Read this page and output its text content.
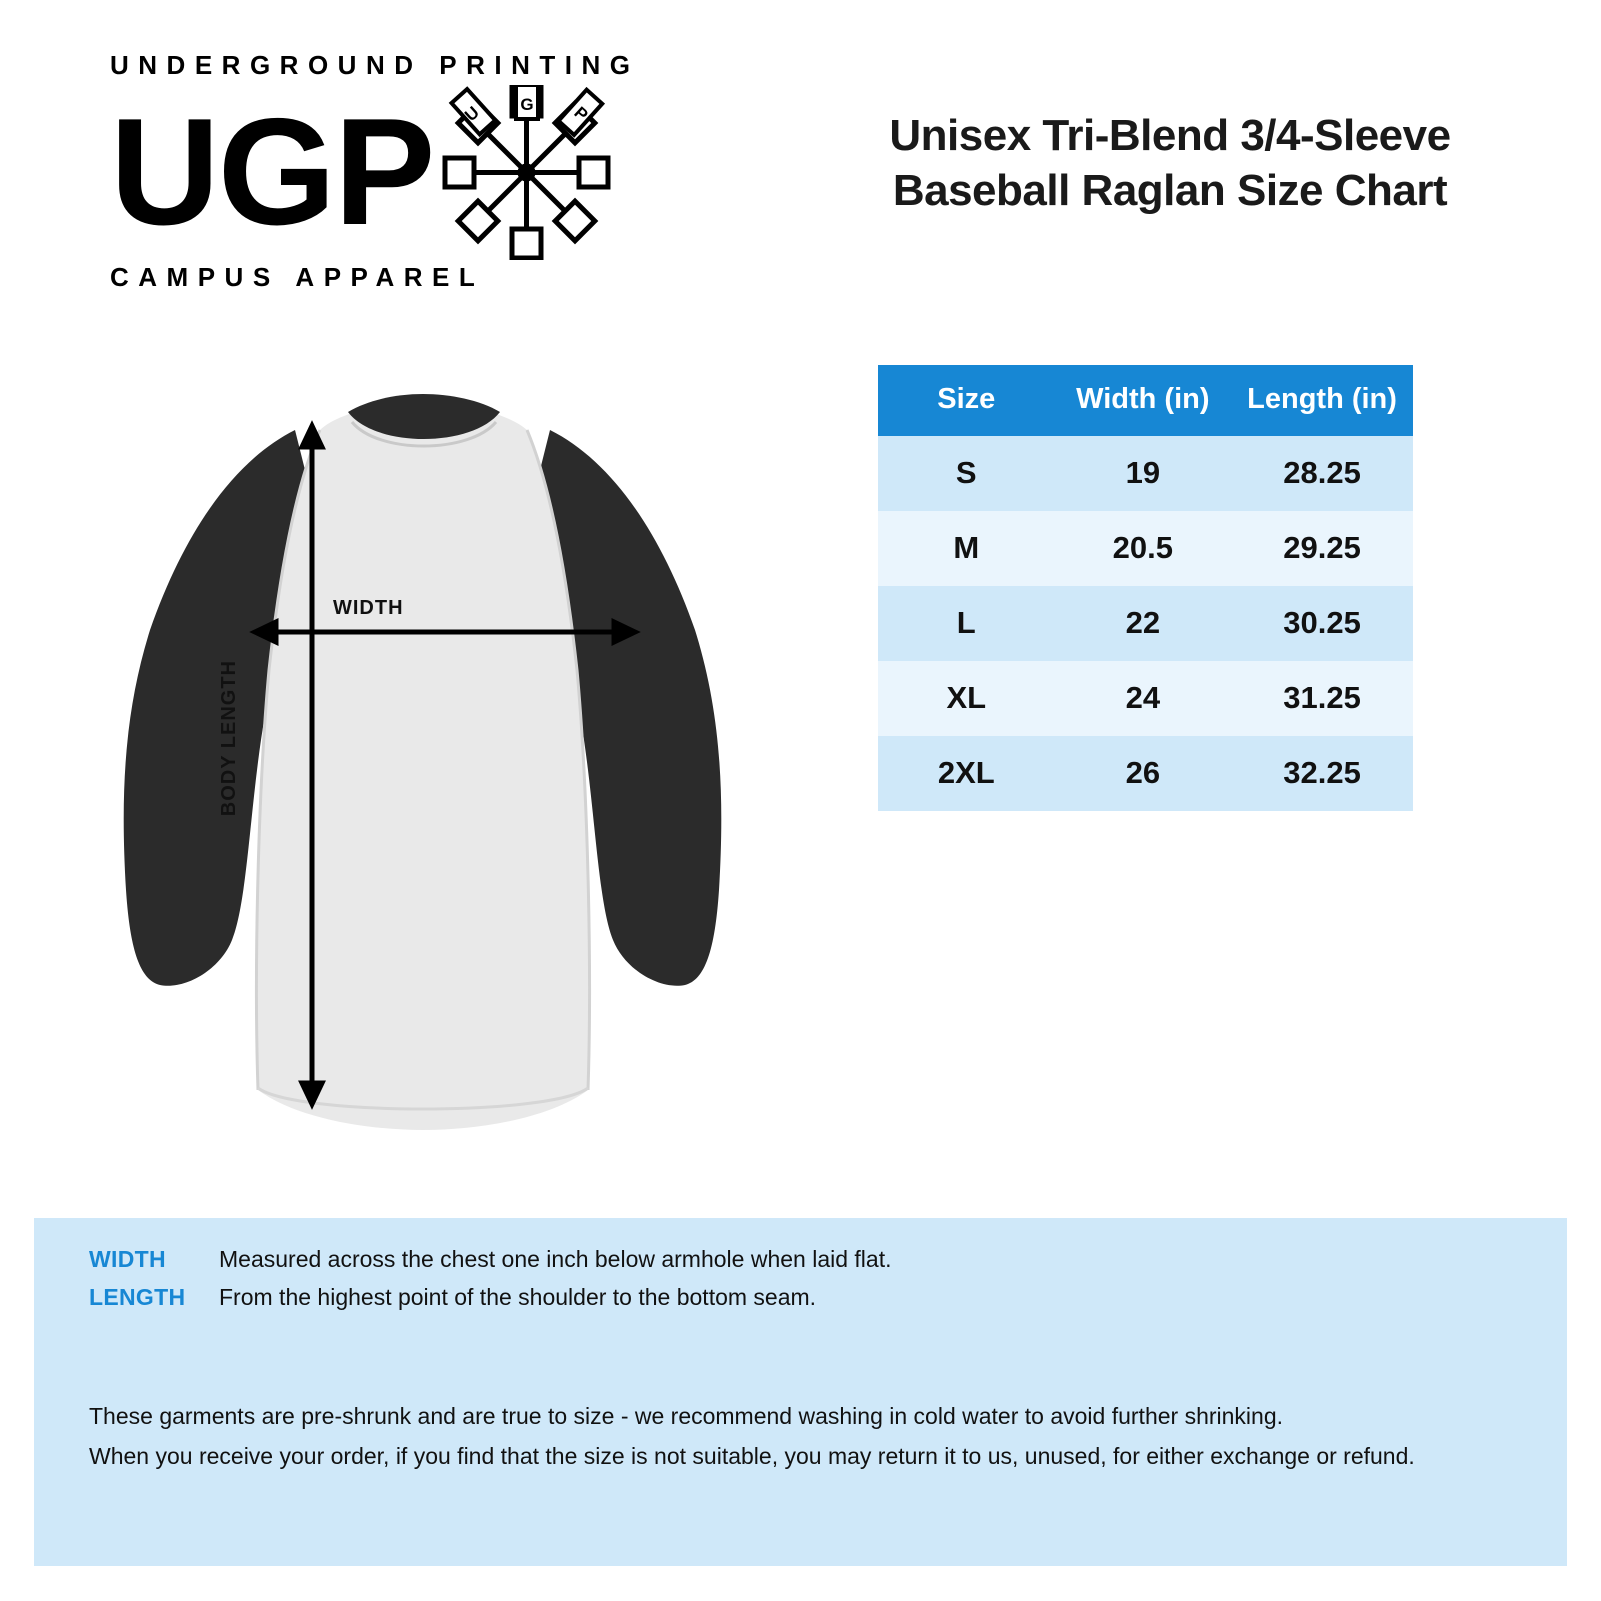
UNDERGROUND PRINTING
UGP U G P
CAMPUS APPAREL
Unisex Tri-Blend 3/4-Sleeve
Baseball Raglan Size Chart
WIDTH
BODY LENGTH
Size	Width (in)	Length (in)
S	19	28.25
M	20.5	29.25
L	22	30.25
XL	24	31.25
2XL	26	32.25
WIDTH	Measured across the chest one inch below armhole when laid flat.
LENGTH	From the highest point of the shoulder to the bottom seam.
These garments are pre-shrunk and are true to size - we recommend washing in cold water to avoid further shrinking.
When you receive your order, if you find that the size is not suitable, you may return it to us, unused, for either exchange or refund.
